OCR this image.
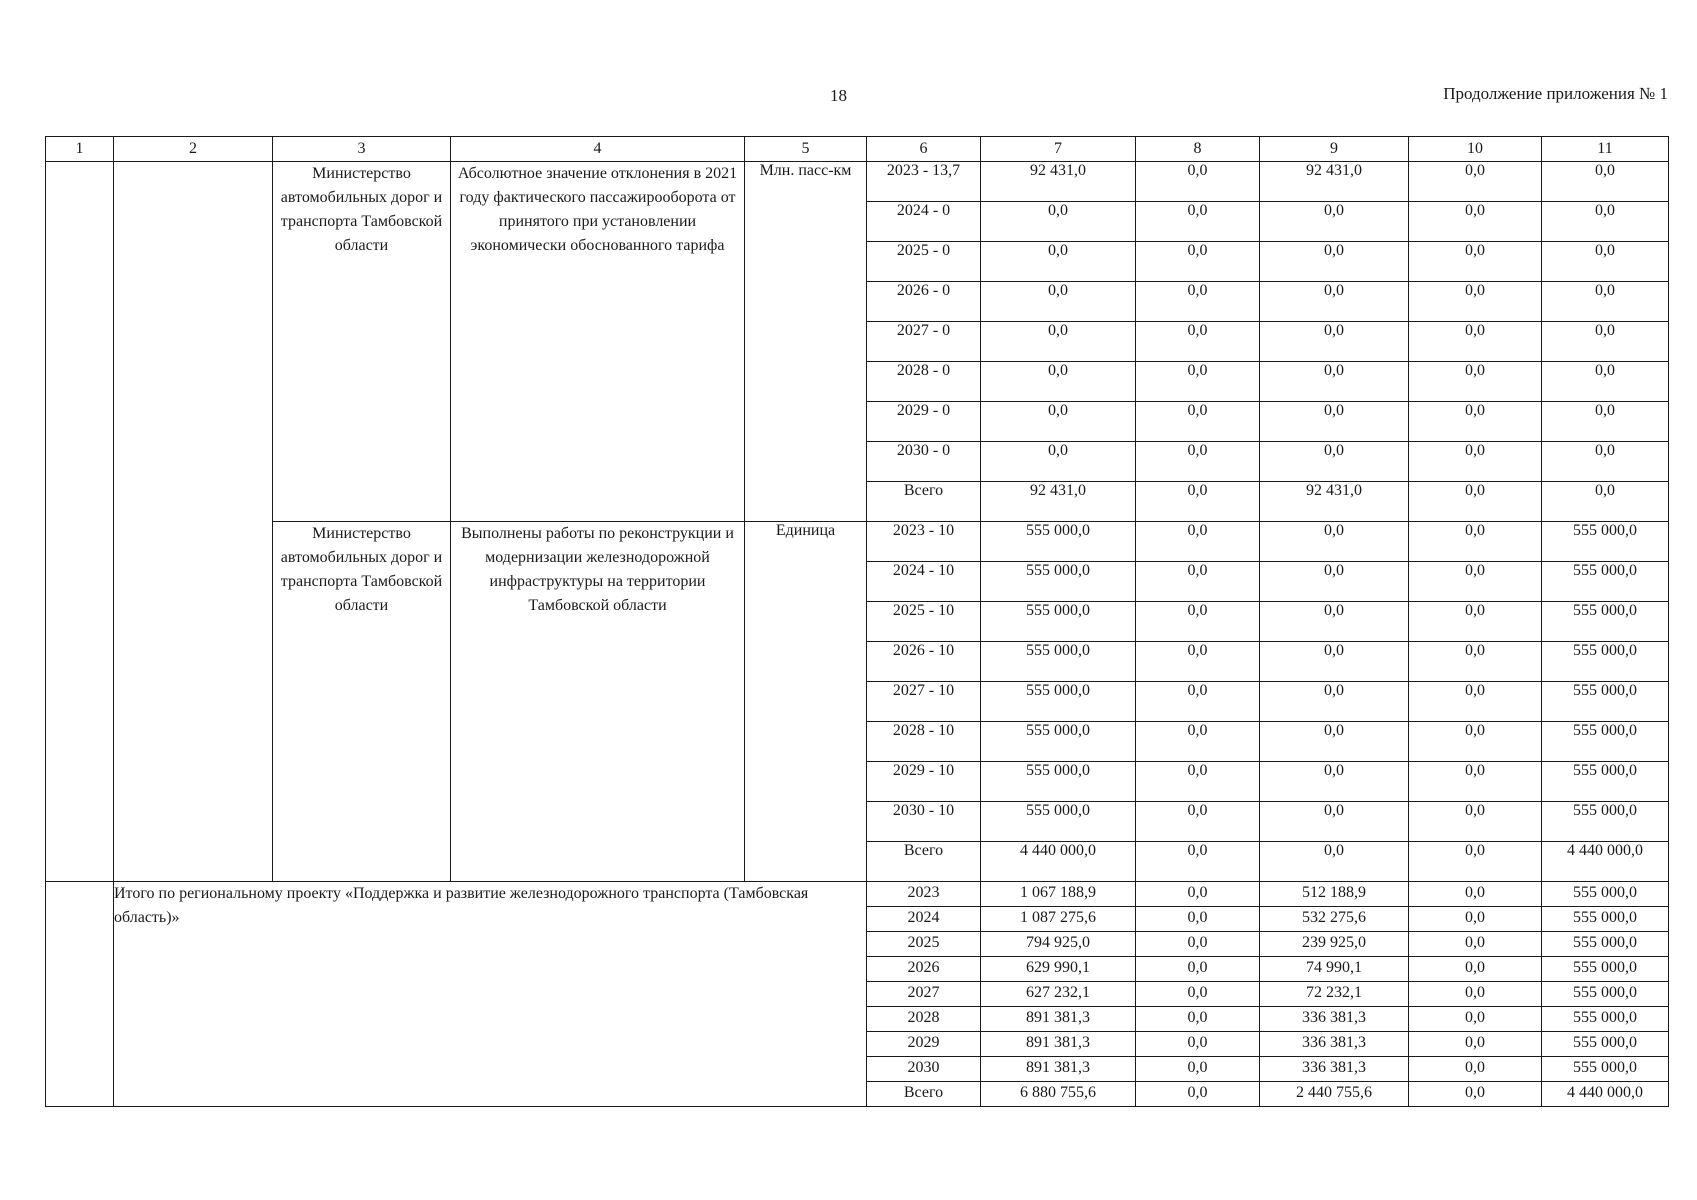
18	Продолжение приложения № 1
1	2	3	4	5	6	7	8	9	10	11
		Министерство автомобильных дорог и транспорта Тамбовской области	Абсолютное значение отклонения в 2021 году фактического пассажирооборота от принятого при установлении экономически обоснованного тарифа	Млн. пасс-км	2023 - 13,7	92 431,0	0,0	92 431,0	0,0	0,0
					2024 - 0	0,0	0,0	0,0	0,0	0,0
					2025 - 0	0,0	0,0	0,0	0,0	0,0
					2026 - 0	0,0	0,0	0,0	0,0	0,0
					2027 - 0	0,0	0,0	0,0	0,0	0,0
					2028 - 0	0,0	0,0	0,0	0,0	0,0
					2029 - 0	0,0	0,0	0,0	0,0	0,0
					2030 - 0	0,0	0,0	0,0	0,0	0,0
					Всего	92 431,0	0,0	92 431,0	0,0	0,0
		Министерство автомобильных дорог и транспорта Тамбовской области	Выполнены работы по реконструкции и модернизации железнодорожной инфраструктуры на территории Тамбовской области	Единица	2023 - 10	555 000,0	0,0	0,0	0,0	555 000,0
					2024 - 10	555 000,0	0,0	0,0	0,0	555 000,0
					2025 - 10	555 000,0	0,0	0,0	0,0	555 000,0
					2026 - 10	555 000,0	0,0	0,0	0,0	555 000,0
					2027 - 10	555 000,0	0,0	0,0	0,0	555 000,0
					2028 - 10	555 000,0	0,0	0,0	0,0	555 000,0
					2029 - 10	555 000,0	0,0	0,0	0,0	555 000,0
					2030 - 10	555 000,0	0,0	0,0	0,0	555 000,0
					Всего	4 440 000,0	0,0	0,0	0,0	4 440 000,0
	Итого по региональному проекту «Поддержка и развитие железнодорожного транспорта (Тамбовская область)»				2023	1 067 188,9	0,0	512 188,9	0,0	555 000,0
					2024	1 087 275,6	0,0	532 275,6	0,0	555 000,0
					2025	794 925,0	0,0	239 925,0	0,0	555 000,0
					2026	629 990,1	0,0	74 990,1	0,0	555 000,0
					2027	627 232,1	0,0	72 232,1	0,0	555 000,0
					2028	891 381,3	0,0	336 381,3	0,0	555 000,0
					2029	891 381,3	0,0	336 381,3	0,0	555 000,0
					2030	891 381,3	0,0	336 381,3	0,0	555 000,0
					Всего	6 880 755,6	0,0	2 440 755,6	0,0	4 440 000,0
